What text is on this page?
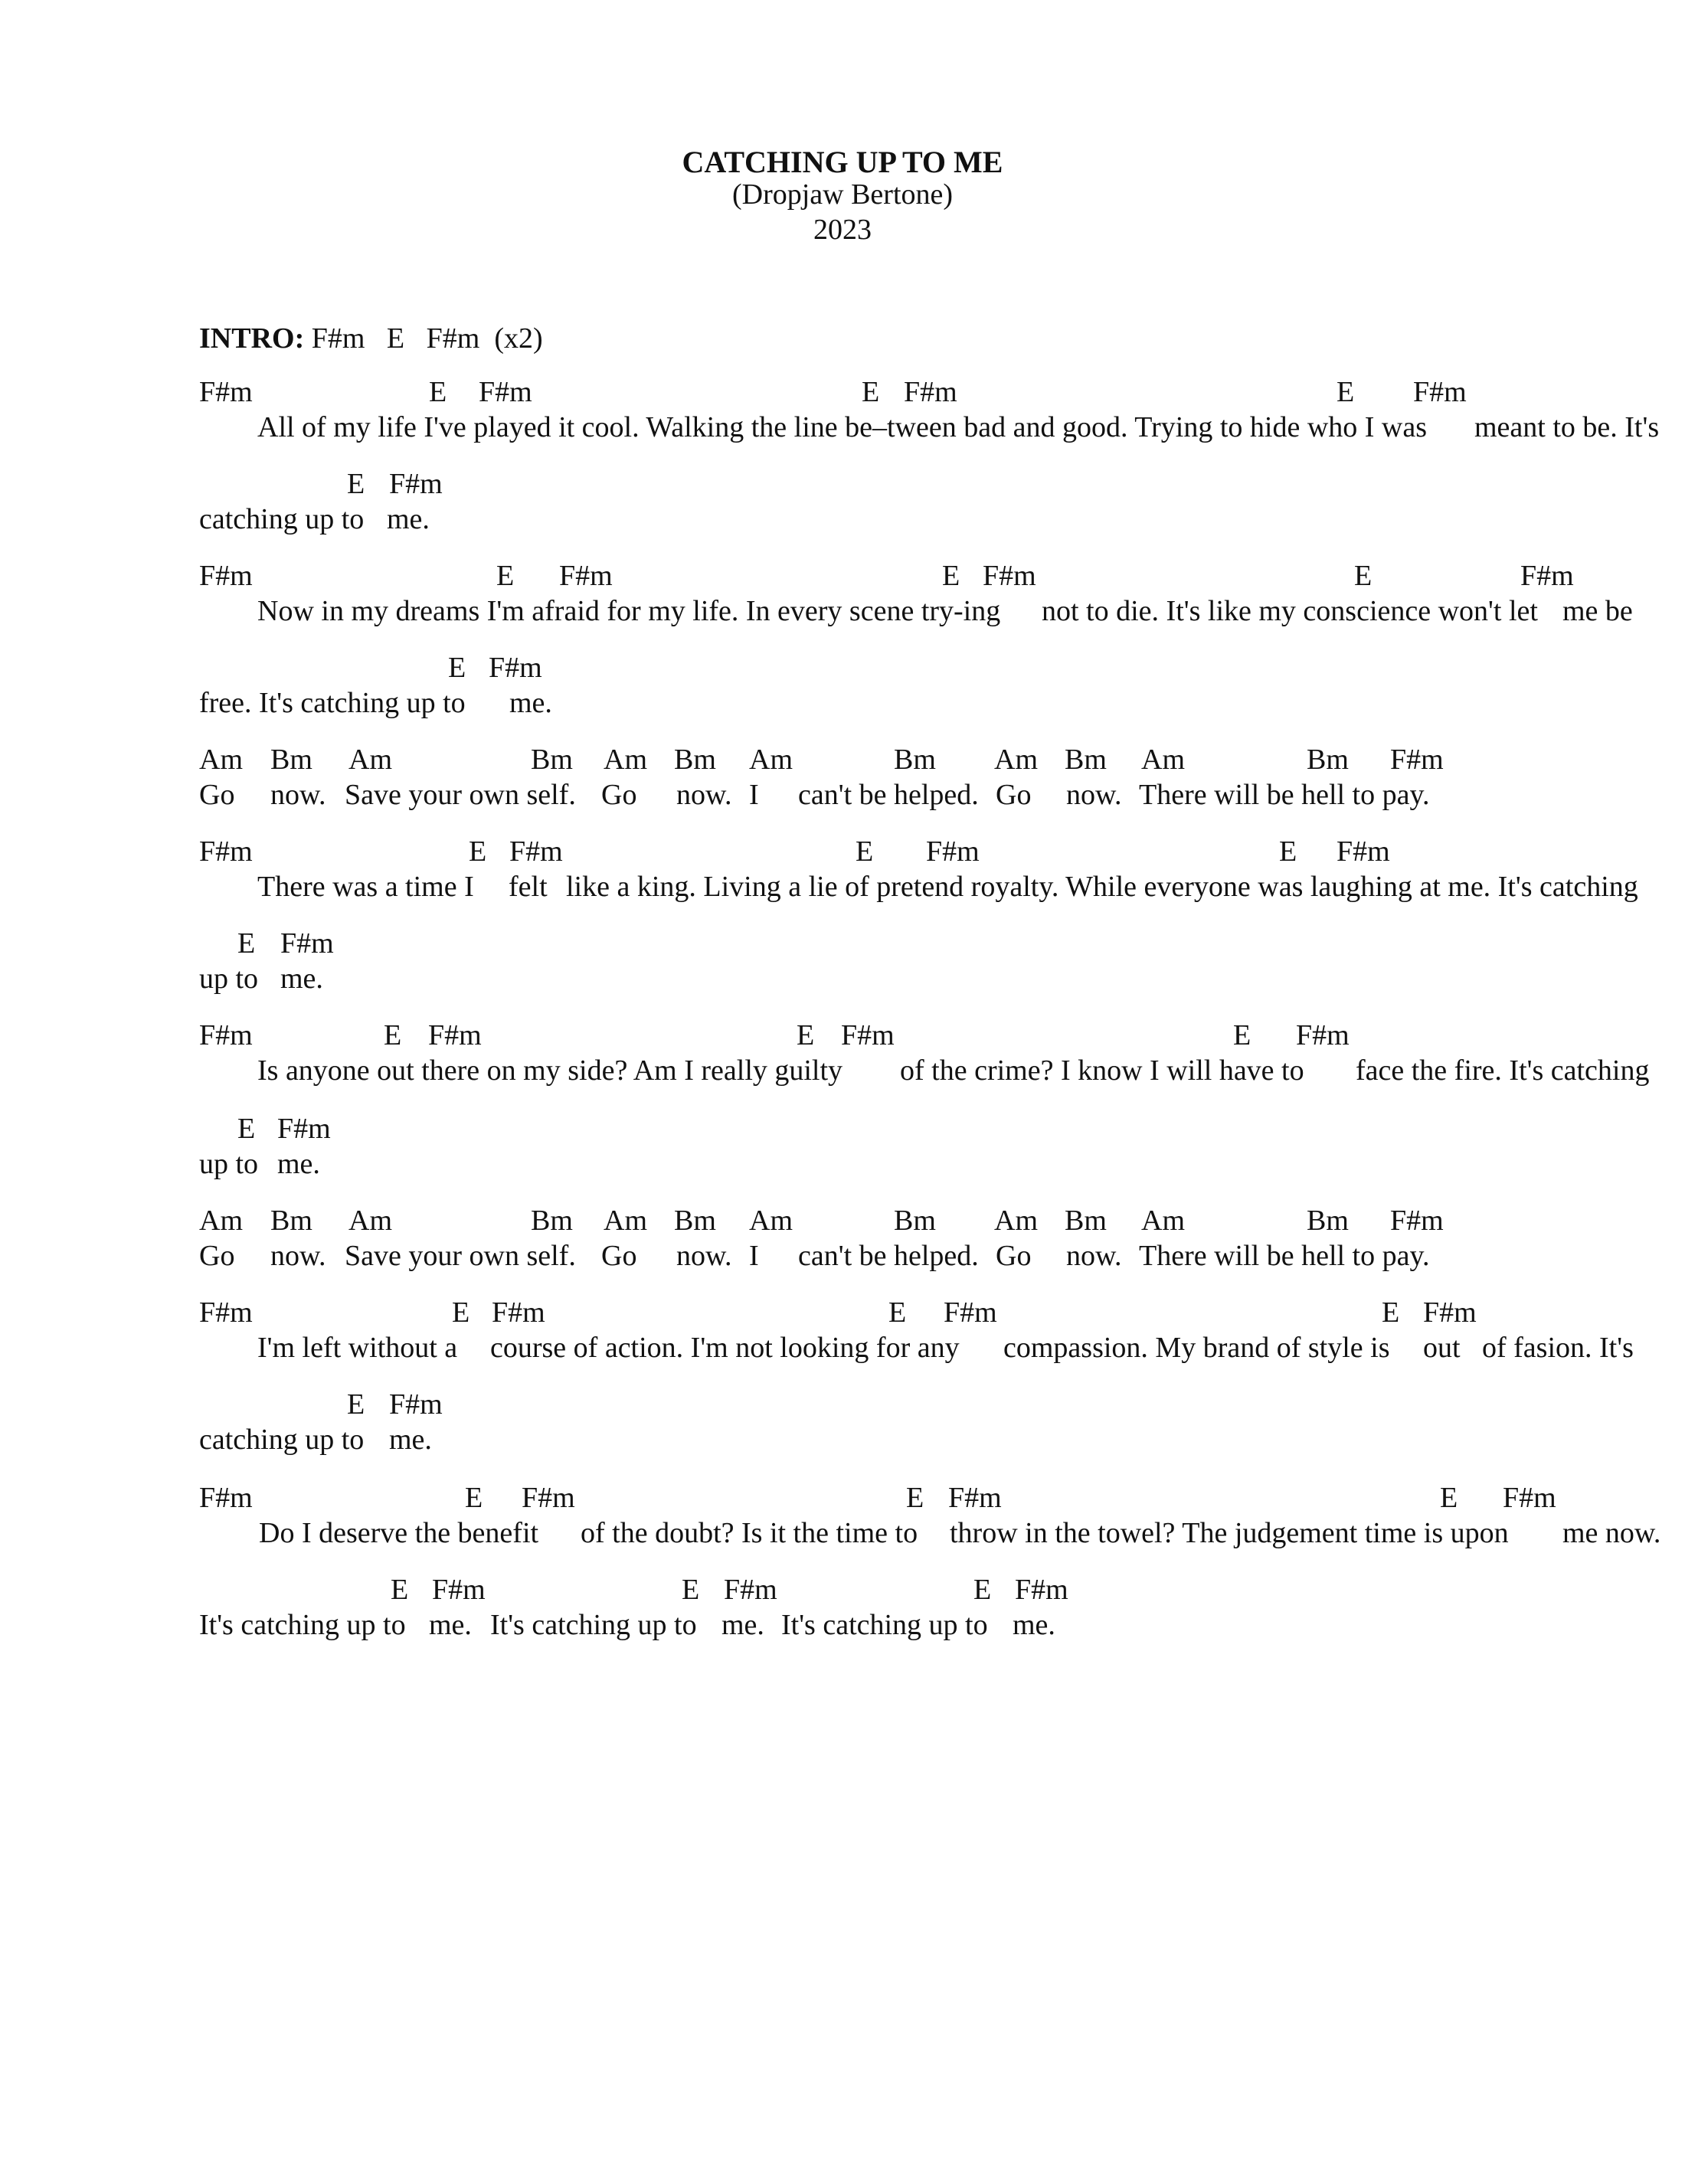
CATCHING UP TO ME
(Dropjaw Bertone)
2023
INTRO: F#m   E   F#m  (x2)
F#m	E F#m	E F#m	E F#m
All of my life I've played it cool. Walking the line be–tween bad and good. Trying to hide who I was meant to be. It's
E F#m
catching up to me.
F#m	E F#m	E F#m	E	F#m
Now in my dreams I'm afraid for my life. In every scene try-ing not to die. It's like my conscience won't let me be
E F#m
free. It's catching up to me.
Am Bm Am	Bm Am Bm Am	Bm Am Bm Am	Bm F#m
Go now. Save your own self. Go now. I can't be helped. Go now. There will be hell to pay.
F#m	E F#m	E F#m	E F#m
There was a time I felt like a king. Living a lie of pretend royalty. While everyone was laughing at me. It's catching
E F#m
up to me.
F#m	E F#m	E F#m	E F#m
Is anyone out there on my side? Am I really guilty of the crime? I know I will have to face the fire. It's catching
E F#m
up to me.
Am Bm Am	Bm Am Bm Am	Bm Am Bm Am	Bm F#m
Go now. Save your own self. Go now. I can't be helped. Go now. There will be hell to pay.
F#m	E F#m	E F#m	E F#m
I'm left without a course of action. I'm not looking for any compassion. My brand of style is out of fasion. It's
E F#m
catching up to me.
F#m	E F#m	E F#m	E F#m
Do I deserve the benefit of the doubt? Is it the time to throw in the towel? The judgement time is upon me now.
E F#m	E F#m	E F#m
It's catching up to me. It's catching up to me. It's catching up to me.
